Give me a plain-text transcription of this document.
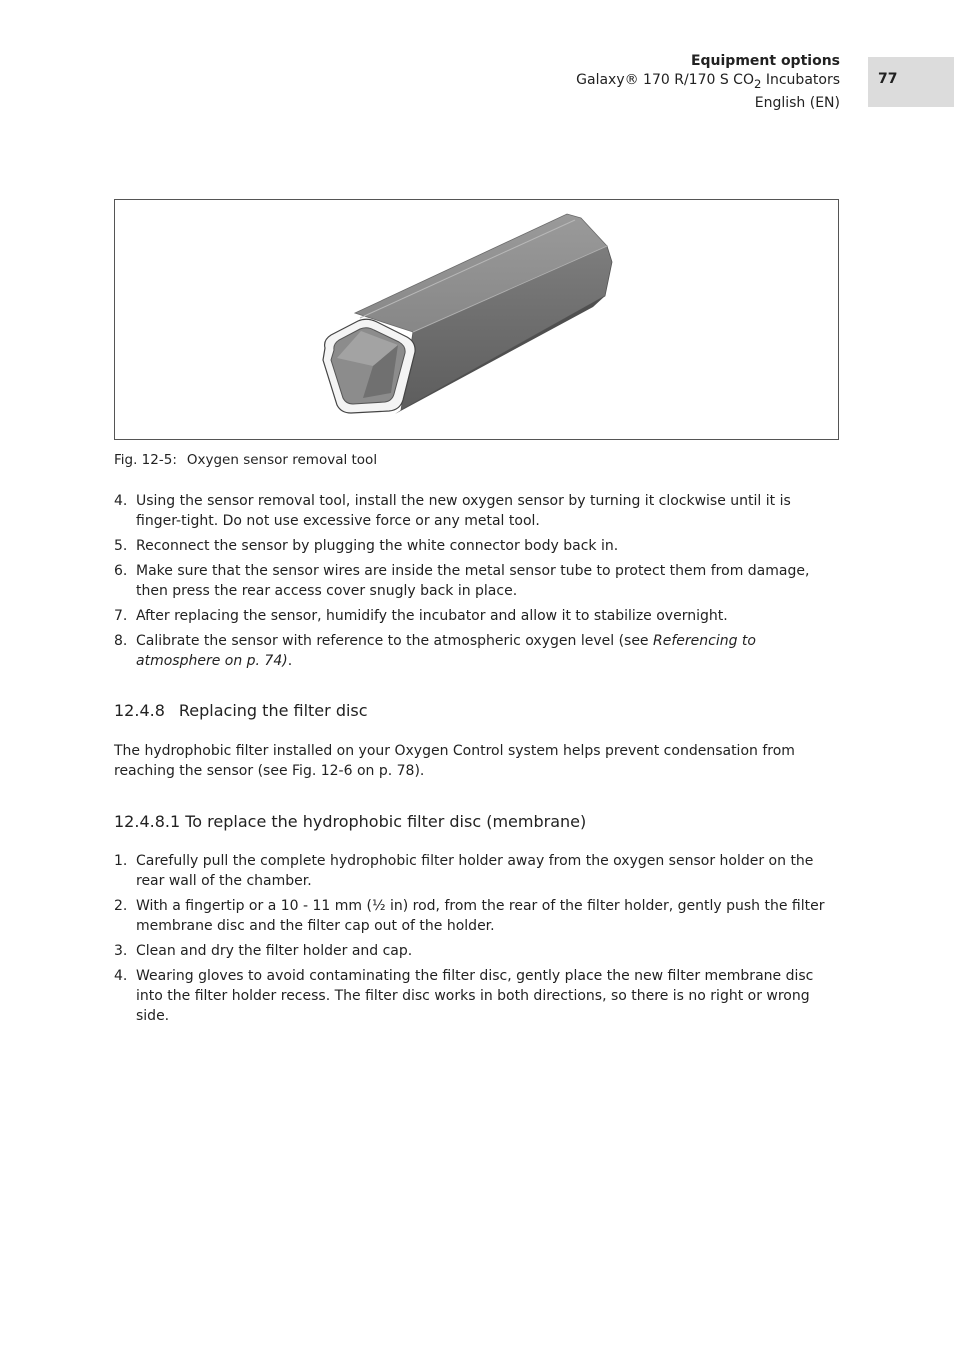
Equipment options
Galaxy® 170 R/170 S $CO_2$ Incubators
English (EN)
77
Fig. 12-5: Oxygen sensor removal tool
4. Using the sensor removal tool, install the new oxygen sensor by turning it clockwise until it is finger-tight. Do not use excessive force or any metal tool.
5. Reconnect the sensor by plugging the white connector body back in.
6. Make sure that the sensor wires are inside the metal sensor tube to protect them from damage, then press the rear access cover snugly back in place.
7. After replacing the sensor, humidify the incubator and allow it to stabilize overnight.
8. Calibrate the sensor with reference to the atmospheric oxygen level (see Referencing to atmosphere on p. 74).
12.4.8 Replacing the filter disc

The hydrophobic filter installed on your Oxygen Control system helps prevent condensation from reaching the sensor (see Fig. 12-6 on p. 78).

12.4.8.1 To replace the hydrophobic filter disc (membrane)
1. Carefully pull the complete hydrophobic filter holder away from the oxygen sensor holder on the rear wall of the chamber.
2. With a fingertip or a 10 - 11 mm (½ in) rod, from the rear of the filter holder, gently push the filter membrane disc and the filter cap out of the holder.
3. Clean and dry the filter holder and cap.
4. Wearing gloves to avoid contaminating the filter disc, gently place the new filter membrane disc into the filter holder recess. The filter disc works in both directions, so there is no right or wrong side.
